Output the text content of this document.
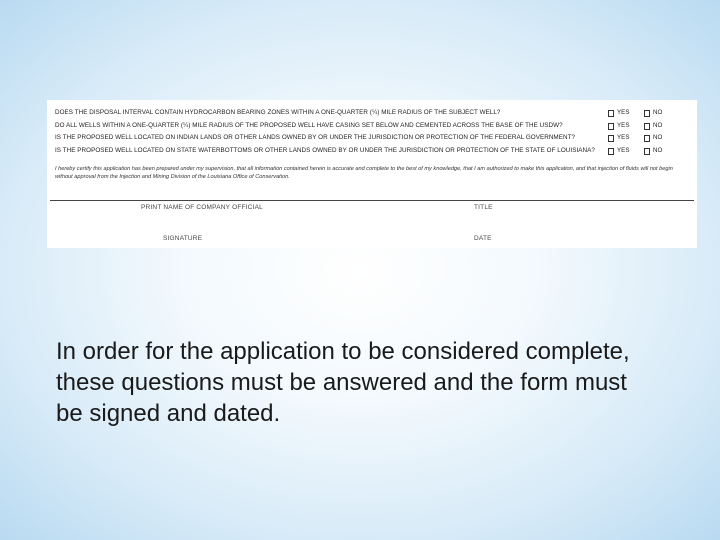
DOES THE DISPOSAL INTERVAL CONTAIN HYDROCARBON BEARING ZONES WITHIN A ONE-QUARTER (¼) MILE RADIUS OF THE SUBJECT WELL?	YES	NO
DO ALL WELLS WITHIN A ONE-QUARTER (¼) MILE RADIUS OF THE PROPOSED WELL HAVE CASING SET BELOW AND CEMENTED ACROSS THE BASE OF THE USDW?	YES	NO
IS THE PROPOSED WELL LOCATED ON INDIAN LANDS OR OTHER LANDS OWNED BY OR UNDER THE JURISDICTION OR PROTECTION OF THE FEDERAL GOVERNMENT?	YES	NO
IS THE PROPOSED WELL LOCATED ON STATE WATERBOTTOMS OR OTHER LANDS OWNED BY OR UNDER THE JURISDICTION OR PROTECTION OF THE STATE OF LOUISIANA?	YES	NO
I hereby certify this application has been prepared under my supervision, that all information contained herein is accurate and complete to the best of my knowledge, that I am authorized to make this application, and that injection of fluids will not begin without approval from the Injection and Mining Division of the Louisiana Office of Conservation.
PRINT NAME OF COMPANY OFFICIAL	TITLE
SIGNATURE	DATE
In order for the application to be considered complete, these questions must be answered and the form must be signed and dated.
